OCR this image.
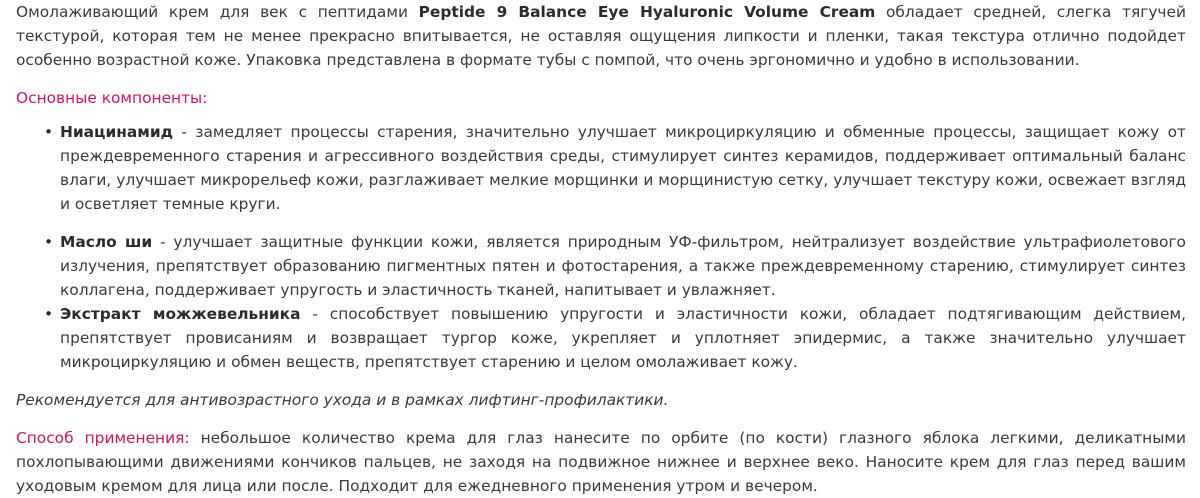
Омолаживающий крем для век с пептидами Peptide 9 Balance Eye Hyaluronic Volume Cream обладает средней, слегка тягучей текстурой, которая тем не менее прекрасно впитывается, не оставляя ощущения липкости и пленки, такая текстура отлично подойдет особенно возрастной коже. Упаковка представлена в формате тубы с помпой, что очень эргономично и удобно в использовании.

Основные компоненты:

• Ниацинамид - замедляет процессы старения, значительно улучшает микроциркуляцию и обменные процессы, защищает кожу от преждевременного старения и агрессивного воздействия среды, стимулирует синтез керамидов, поддерживает оптимальный баланс влаги, улучшает микрорельеф кожи, разглаживает мелкие морщинки и морщинистую сетку, улучшает текстуру кожи, освежает взгляд и осветляет темные круги.
• Масло ши - улучшает защитные функции кожи, является природным УФ-фильтром, нейтрализует воздействие ультрафиолетового излучения, препятствует образованию пигментных пятен и фотостарения, а также преждевременному старению, стимулирует синтез коллагена, поддерживает упругость и эластичность тканей, напитывает и увлажняет.
• Экстракт можжевельника - способствует повышению упругости и эластичности кожи, обладает подтягивающим действием, препятствует провисаниям и возвращает тургор коже, укрепляет и уплотняет эпидермис, а также значительно улучшает микроциркуляцию и обмен веществ, препятствует старению и целом омолаживает кожу.

Рекомендуется для антивозрастного ухода и в рамках лифтинг-профилактики.

Способ применения: небольшое количество крема для глаз нанесите по орбите (по кости) глазного яблока легкими, деликатными похлопывающими движениями кончиков пальцев, не заходя на подвижное нижнее и верхнее веко. Наносите крем для глаз перед вашим уходовым кремом для лица или после. Подходит для ежедневного применения утром и вечером.
